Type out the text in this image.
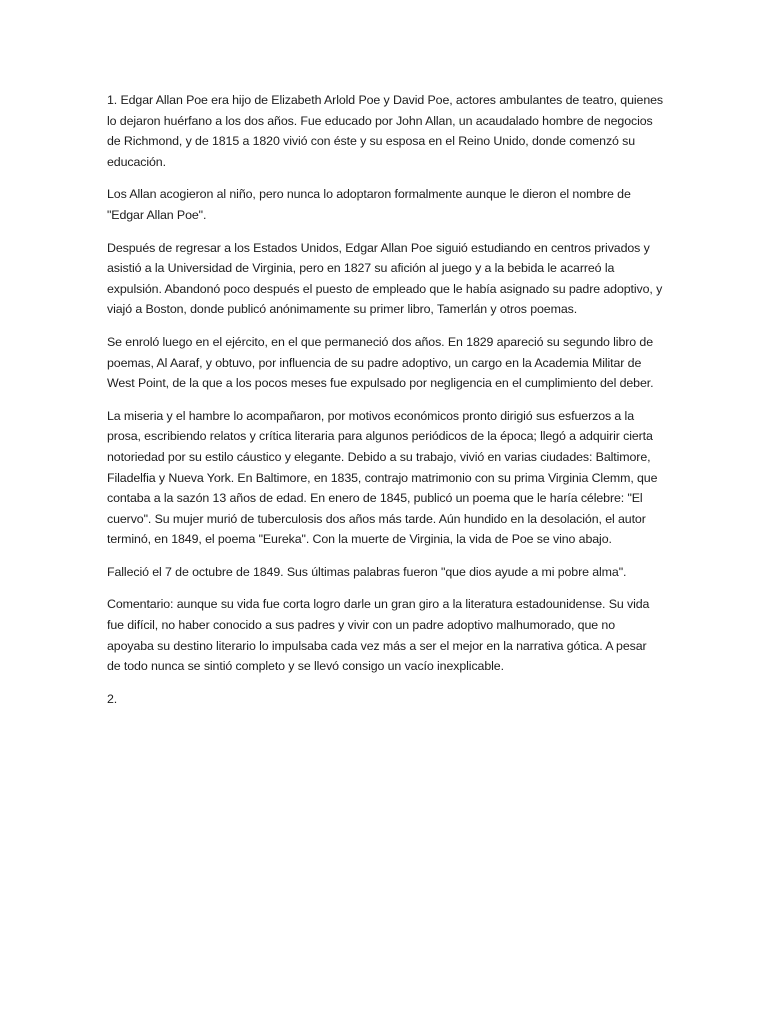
1. Edgar Allan Poe era hijo de Elizabeth Arlold Poe y David Poe, actores ambulantes de teatro, quienes lo dejaron huérfano a los dos años. Fue educado por John Allan, un acaudalado hombre de negocios de Richmond, y de 1815 a 1820 vivió con éste y su esposa en el Reino Unido, donde comenzó su educación.

Los Allan acogieron al niño, pero nunca lo adoptaron formalmente aunque le dieron el nombre de "Edgar Allan Poe".

Después de regresar a los Estados Unidos, Edgar Allan Poe siguió estudiando en centros privados y asistió a la Universidad de Virginia, pero en 1827 su afición al juego y a la bebida le acarreó la expulsión. Abandonó poco después el puesto de empleado que le había asignado su padre adoptivo, y viajó a Boston, donde publicó anónimamente su primer libro, Tamerlán y otros poemas.

Se enroló luego en el ejército, en el que permaneció dos años. En 1829 apareció su segundo libro de poemas, Al Aaraf, y obtuvo, por influencia de su padre adoptivo, un cargo en la Academia Militar de West Point, de la que a los pocos meses fue expulsado por negligencia en el cumplimiento del deber.

La miseria y el hambre lo acompañaron, por motivos económicos pronto dirigió sus esfuerzos a la prosa, escribiendo relatos y crítica literaria para algunos periódicos de la época; llegó a adquirir cierta notoriedad por su estilo cáustico y elegante. Debido a su trabajo, vivió en varias ciudades: Baltimore, Filadelfia y Nueva York. En Baltimore, en 1835, contrajo matrimonio con su prima Virginia Clemm, que contaba a la sazón 13 años de edad. En enero de 1845, publicó un poema que le haría célebre: "El cuervo". Su mujer murió de tuberculosis dos años más tarde. Aún hundido en la desolación, el autor terminó, en 1849, el poema "Eureka". Con la muerte de Virginia, la vida de Poe se vino abajo.

Falleció el 7 de octubre de 1849. Sus últimas palabras fueron "que dios ayude a mi pobre alma".

Comentario: aunque su vida fue corta logro darle un gran giro a la literatura estadounidense. Su vida fue difícil, no haber conocido a sus padres y vivir con un padre adoptivo malhumorado, que no apoyaba su destino literario lo impulsaba cada vez más a ser el mejor en la narrativa gótica. A pesar de todo nunca se sintió completo y se llevó consigo un vacío inexplicable.

2.
